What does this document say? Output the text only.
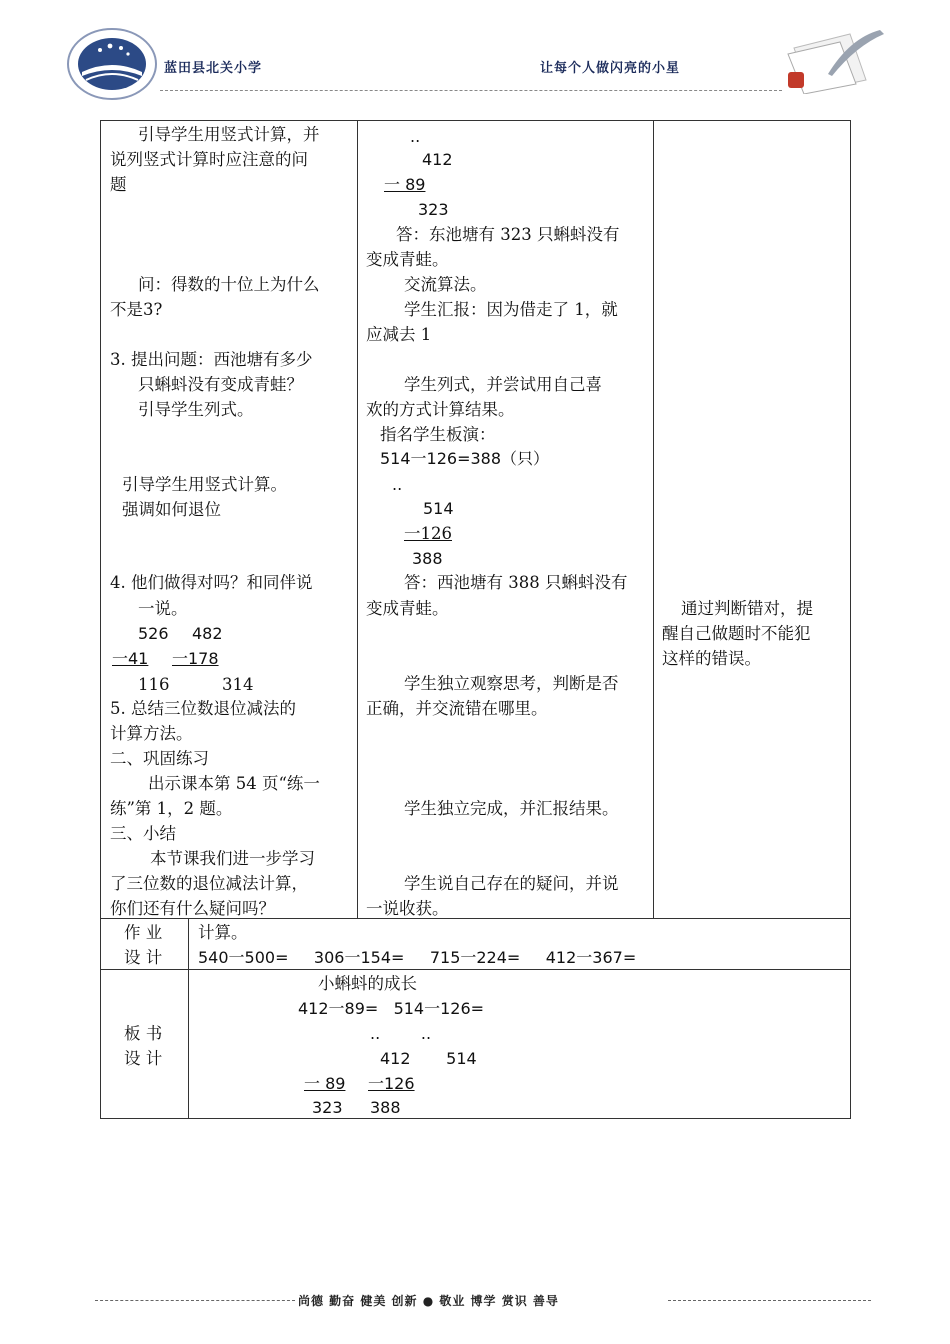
蓝田县北关小学	让每个人做闪亮的小星
引导学生用竖式计算，并
说列竖式计算时应注意的问
题
问：得数的十位上为什么
不是3?
3. 提出问题：西池塘有多少
只蝌蚪没有变成青蛙？
引导学生列式。
引导学生用竖式计算。
强调如何退位
4. 他们做得对吗？和同伴说
一说。
526 482
一41 一178
116	314
5. 总结三位数退位减法的
计算方法。
二、巩固练习
出示课本第 54 页“练一
练”第 1，2 题。
三、小结
本节课我们进一步学习
了三位数的退位减法计算，
你们还有什么疑问吗？
..
412
一 89
323
答：东池塘有 323 只蝌蚪没有
变成青蛙。
交流算法。
学生汇报：因为借走了 1，就
应减去 1
学生列式，并尝试用自己喜
欢的方式计算结果。
指名学生板演：
514一126=388（只）
..
514
一126
388
答：西池塘有 388 只蝌蚪没有
变成青蛙。
学生独立观察思考，判断是否
正确，并交流错在哪里。
学生独立完成，并汇报结果。
学生说自己存在的疑问，并说
一说收获。
通过判断错对，提
醒自己做题时不能犯
这样的错误。
作 业
设 计
计算。
540一500=     306一154=     715一224=     412一367=
板 书
设 计
小蝌蚪的成长
412一89=   514一126=
..        ..
412       514
一 89 一126
323 388
尚德 勤奋 健美 创新 ● 敬业 博学 赏识 善导
